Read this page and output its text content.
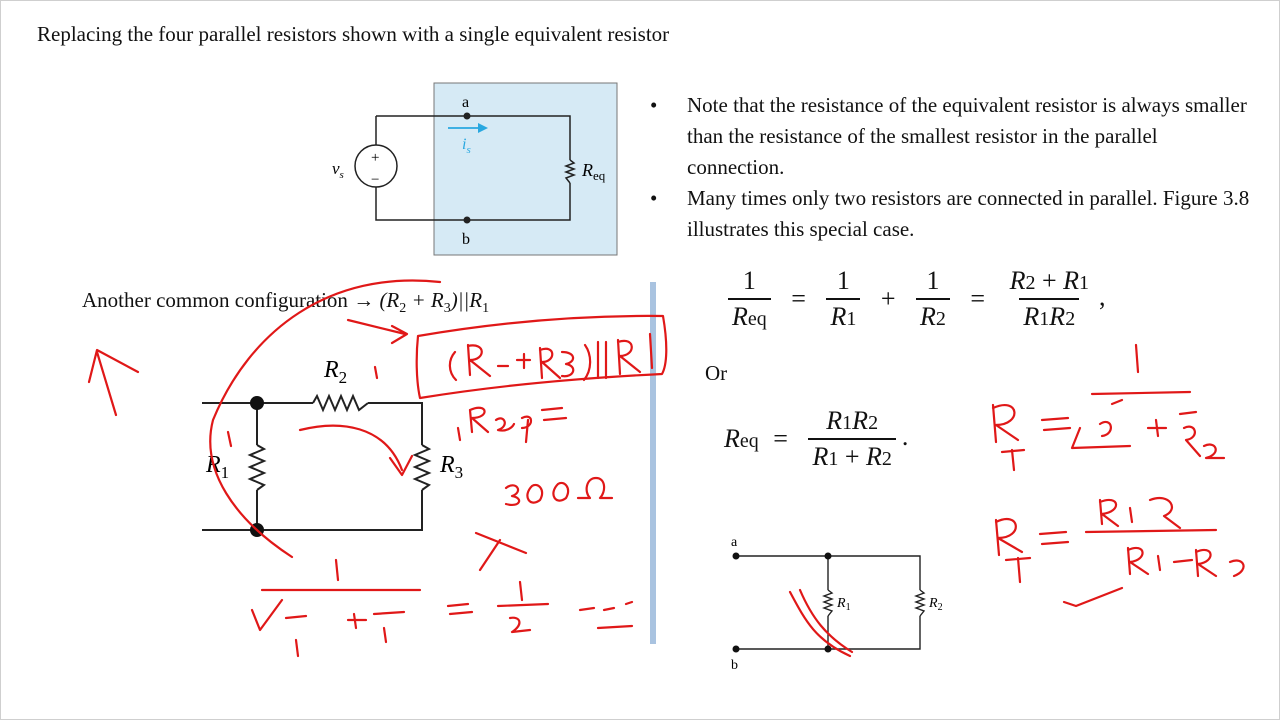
Replacing the four parallel resistors shown with a single equivalent resistor
• Note that the resistance of the equivalent resistor is always smaller than the resistance of the smallest resistor in the parallel connection.
• Many times only two resistors are connected in parallel. Figure 3.8 illustrates this special case.
+
−
a
b
$v_s$
$i_s$
$R_{eq}$
Another common configuration → $(R_2 + R_3)||R_1$
$R_2$
$R_1$	$R_3$
$\frac{1}{\text{Req}} = \frac{1}{R1} + \frac{1}{R2} = \frac{R2 + R1}{R1R2}$ ,
Or
Req = $\frac{R1R2}{R1 + R2}$ .
a
b
$R_1$	$R_2$
